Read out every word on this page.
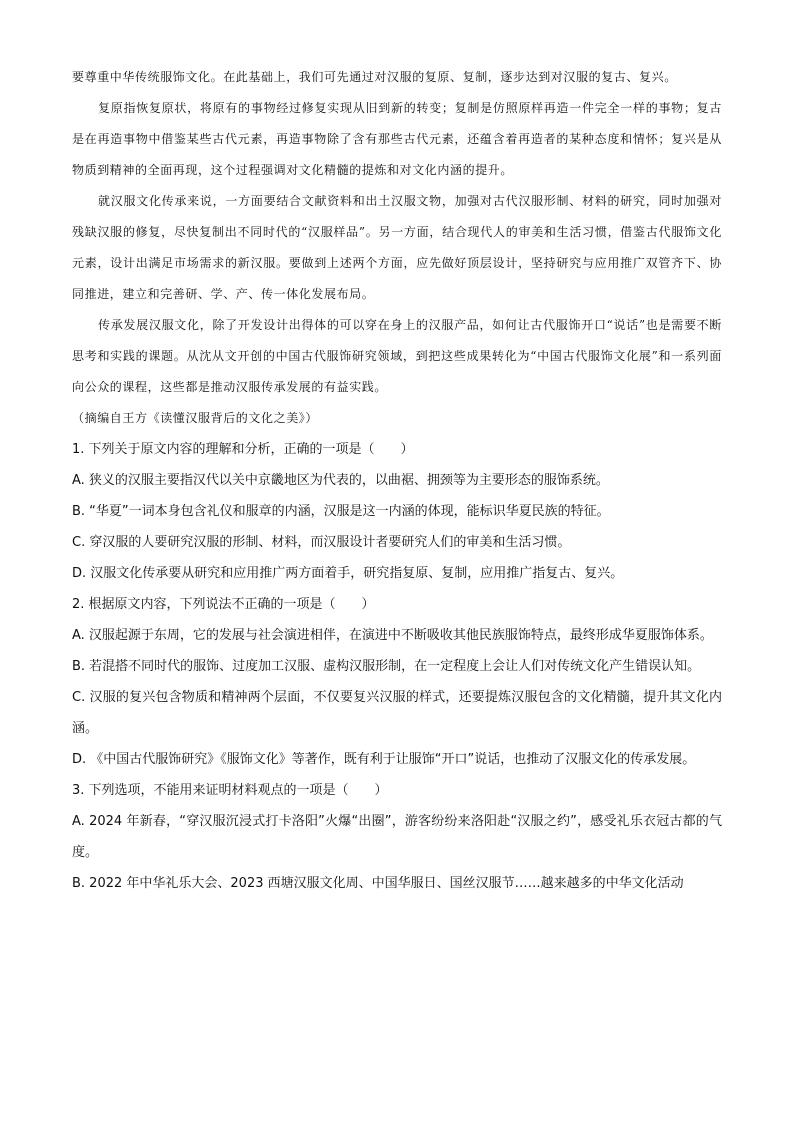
要尊重中华传统服饰文化。在此基础上，我们可先通过对汉服的复原、复制，逐步达到对汉服的复古、复兴。

复原指恢复原状，将原有的事物经过修复实现从旧到新的转变；复制是仿照原样再造一件完全一样的事物；复古是在再造事物中借鉴某些古代元素，再造事物除了含有那些古代元素，还蕴含着再造者的某种态度和情怀；复兴是从物质到精神的全面再现，这个过程强调对文化精髓的提炼和对文化内涵的提升。

就汉服文化传承来说，一方面要结合文献资料和出土汉服文物，加强对古代汉服形制、材料的研究，同时加强对残缺汉服的修复，尽快复制出不同时代的“汉服样品”。另一方面，结合现代人的审美和生活习惯，借鉴古代服饰文化元素，设计出满足市场需求的新汉服。要做到上述两个方面，应先做好顶层设计，坚持研究与应用推广双管齐下、协同推进，建立和完善研、学、产、传一体化发展布局。

传承发展汉服文化，除了开发设计出得体的可以穿在身上的汉服产品，如何让古代服饰开口“说话”也是需要不断思考和实践的课题。从沈从文开创的中国古代服饰研究领域，到把这些成果转化为“中国古代服饰文化展”和一系列面向公众的课程，这些都是推动汉服传承发展的有益实践。

（摘编自王方《读懂汉服背后的文化之美》）

1. 下列关于原文内容的理解和分析，正确的一项是（　　）

A. 狭义的汉服主要指汉代以关中京畿地区为代表的，以曲裾、拥颈等为主要形态的服饰系统。

B. “华夏”一词本身包含礼仪和服章的内涵，汉服是这一内涵的体现，能标识华夏民族的特征。

C. 穿汉服的人要研究汉服的形制、材料，而汉服设计者要研究人们的审美和生活习惯。

D. 汉服文化传承要从研究和应用推广两方面着手，研究指复原、复制，应用推广指复古、复兴。

2. 根据原文内容，下列说法不正确的一项是（　　）

A. 汉服起源于东周，它的发展与社会演进相伴，在演进中不断吸收其他民族服饰特点，最终形成华夏服饰体系。

B. 若混搭不同时代的服饰、过度加工汉服、虚构汉服形制，在一定程度上会让人们对传统文化产生错误认知。

C. 汉服的复兴包含物质和精神两个层面，不仅要复兴汉服的样式，还要提炼汉服包含的文化精髓，提升其文化内涵。

D. 《中国古代服饰研究》《服饰文化》等著作，既有利于让服饰“开口”说话，也推动了汉服文化的传承发展。

3. 下列选项，不能用来证明材料观点的一项是（　　）

A. 2024 年新春，“穿汉服沉浸式打卡洛阳”火爆“出圈”，游客纷纷来洛阳赴“汉服之约”，感受礼乐衣冠古都的气度。

B. 2022 年中华礼乐大会、2023 西塘汉服文化周、中国华服日、国丝汉服节……越来越多的中华文化活动
